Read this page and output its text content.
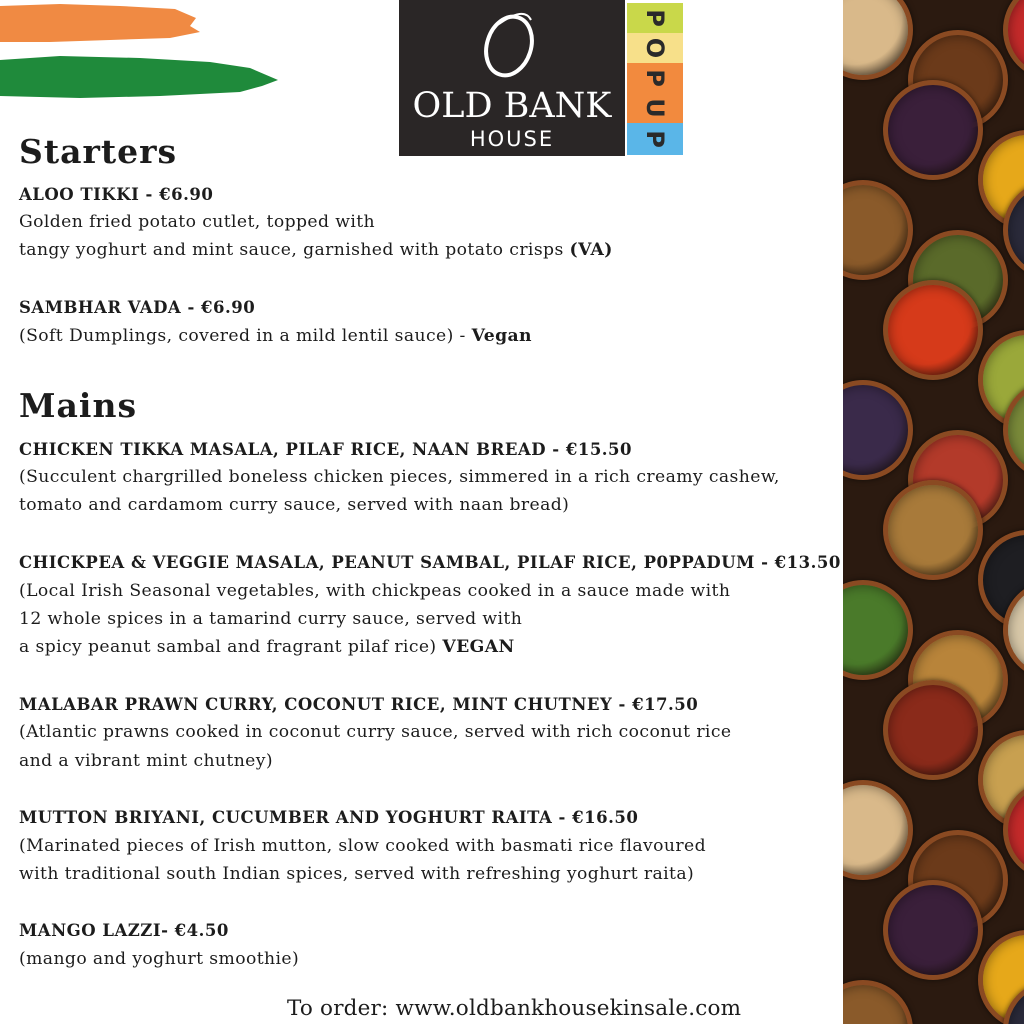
OLD BANK
HOUSE
P
O
P
U
P
Starters
ALOO TIKKI - €6.90
Golden fried potato cutlet, topped with
tangy yoghurt and mint sauce, garnished with potato crisps (VA)
SAMBHAR VADA - €6.90
(Soft Dumplings, covered in a mild lentil sauce) - Vegan
Mains
CHICKEN TIKKA MASALA, PILAF RICE, NAAN BREAD - €15.50
(Succulent chargrilled boneless chicken pieces, simmered in a rich creamy cashew,
tomato and cardamom curry sauce, served with naan bread)
CHICKPEA & VEGGIE MASALA, PEANUT SAMBAL, PILAF RICE, P0PPADUM - €13.50
(Local Irish Seasonal vegetables, with chickpeas cooked in a sauce made with
12 whole spices in a tamarind curry sauce, served with
a spicy peanut sambal and fragrant pilaf rice) VEGAN
MALABAR PRAWN CURRY, COCONUT RICE, MINT CHUTNEY - €17.50
(Atlantic prawns cooked in coconut curry sauce, served with rich coconut rice
and a vibrant mint chutney)
MUTTON BRIYANI, CUCUMBER AND YOGHURT RAITA - €16.50
(Marinated pieces of Irish mutton, slow cooked with basmati rice flavoured
with traditional south Indian spices, served with refreshing yoghurt raita)
MANGO LAZZI- €4.50
(mango and yoghurt smoothie)
To order: www.oldbankhousekinsale.com
